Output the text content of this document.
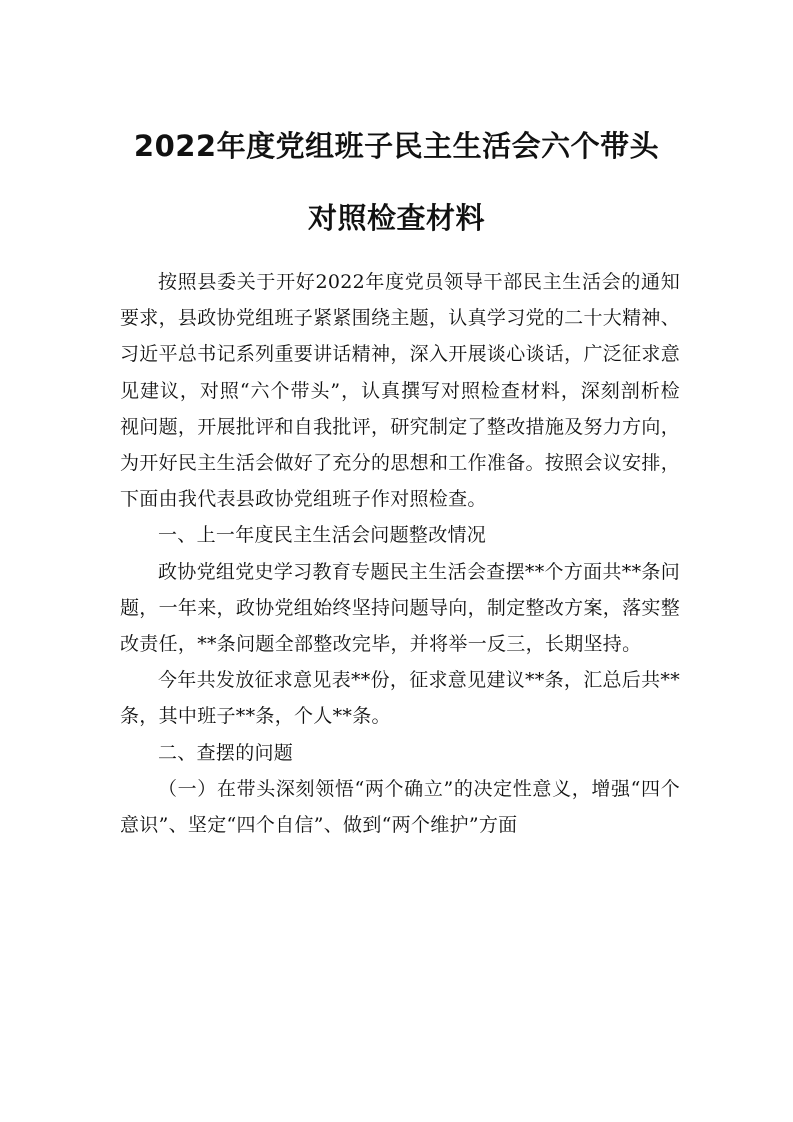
2022年度党组班子民主生活会六个带头
对照检查材料

按照县委关于开好2022年度党员领导干部民主生活会的通知要求，县政协党组班子紧紧围绕主题，认真学习党的二十大精神、习近平总书记系列重要讲话精神，深入开展谈心谈话，广泛征求意见建议，对照“六个带头”，认真撰写对照检查材料，深刻剖析检视问题，开展批评和自我批评，研究制定了整改措施及努力方向，为开好民主生活会做好了充分的思想和工作准备。按照会议安排，下面由我代表县政协党组班子作对照检查。

一、上一年度民主生活会问题整改情况

政协党组党史学习教育专题民主生活会查摆**个方面共**条问题，一年来，政协党组始终坚持问题导向，制定整改方案，落实整改责任，**条问题全部整改完毕，并将举一反三，长期坚持。

今年共发放征求意见表**份，征求意见建议**条，汇总后共**条，其中班子**条，个人**条。

二、查摆的问题

（一）在带头深刻领悟“两个确立”的决定性意义，增强“四个意识”、坚定“四个自信”、做到“两个维护”方面
